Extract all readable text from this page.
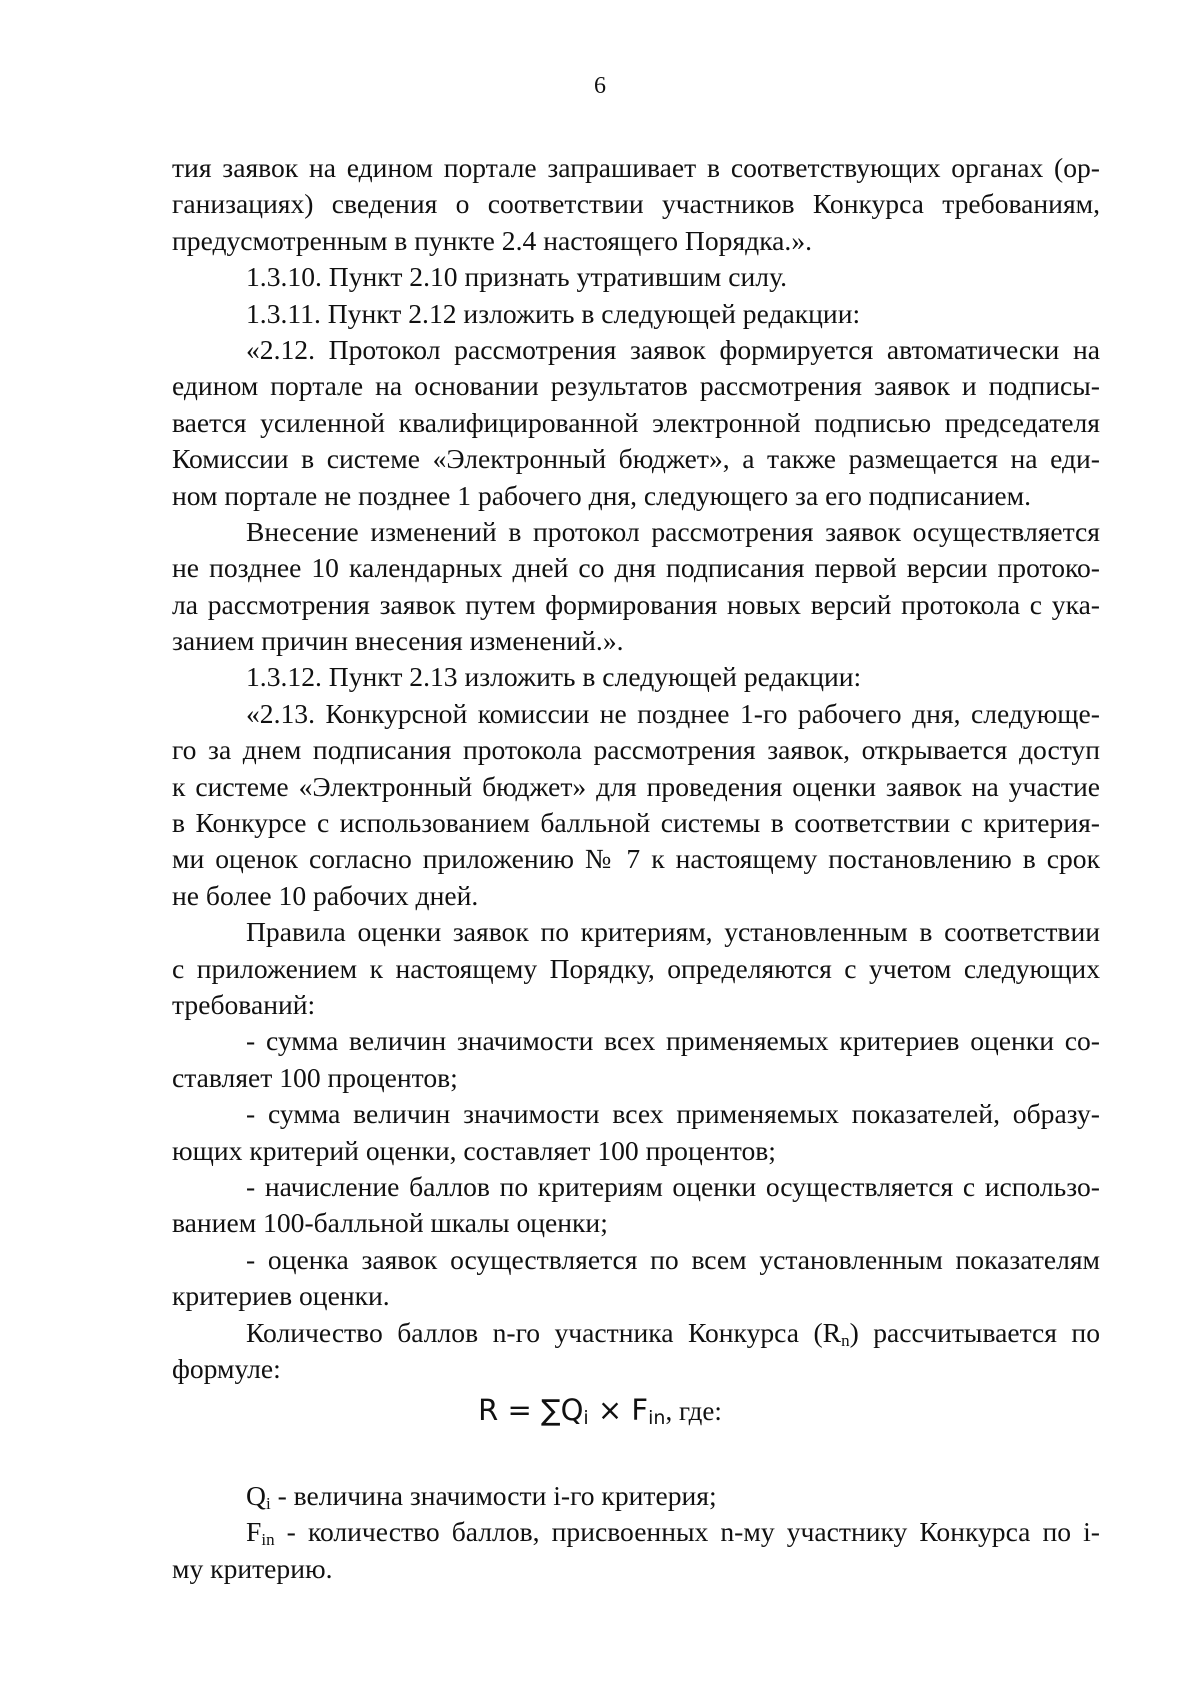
6
тия заявок на едином портале запрашивает в соответствующих органах (ор-
ганизациях) сведения о соответствии участников Конкурса требованиям,
предусмотренным в пункте 2.4 настоящего Порядка.».
1.3.10. Пункт 2.10 признать утратившим силу.
1.3.11. Пункт 2.12 изложить в следующей редакции:
«2.12. Протокол рассмотрения заявок формируется автоматически на
едином портале на основании результатов рассмотрения заявок и подписы-
вается усиленной квалифицированной электронной подписью председателя
Комиссии в системе «Электронный бюджет», а также размещается на еди-
ном портале не позднее 1 рабочего дня, следующего за его подписанием.
Внесение изменений в протокол рассмотрения заявок осуществляется
не позднее 10 календарных дней со дня подписания первой версии протоко-
ла рассмотрения заявок путем формирования новых версий протокола с ука-
занием причин внесения изменений.».
1.3.12. Пункт 2.13 изложить в следующей редакции:
«2.13. Конкурсной комиссии не позднее 1-го рабочего дня, следующе-
го за днем подписания протокола рассмотрения заявок, открывается доступ
к системе «Электронный бюджет» для проведения оценки заявок на участие
в Конкурсе с использованием балльной системы в соответствии с критерия-
ми оценок согласно приложению № 7 к настоящему постановлению в срок
не более 10 рабочих дней.
Правила оценки заявок по критериям, установленным в соответствии
с приложением к настоящему Порядку, определяются с учетом следующих
требований:
- сумма величин значимости всех применяемых критериев оценки со-
ставляет 100 процентов;
- сумма величин значимости всех применяемых показателей, образу-
ющих критерий оценки, составляет 100 процентов;
- начисление баллов по критериям оценки осуществляется с использо-
ванием 100-балльной шкалы оценки;
- оценка заявок осуществляется по всем установленным показателям
критериев оценки.
Количество баллов n-го участника Конкурса $(R_n)$ рассчитывается по
формуле:
$R = \sum Q_i \times F_{in}$, где:
$Q_i$ - величина значимости i-го критерия;
$F_{in}$ - количество баллов, присвоенных n-му участнику Конкурса по i-
му критерию.
